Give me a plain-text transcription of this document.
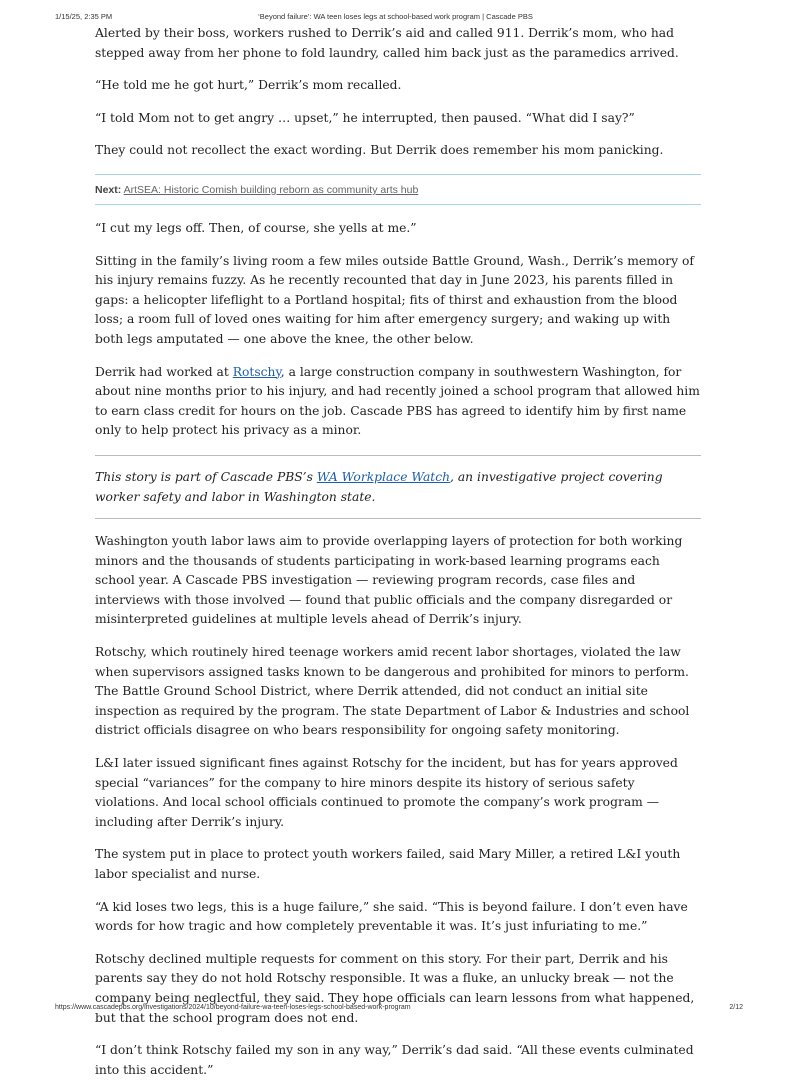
1/15/25, 2:35 PM	‘Beyond failure’: WA teen loses legs at school-based work program | Cascade PBS

Alerted by their boss, workers rushed to Derrik’s aid and called 911. Derrik’s mom, who had stepped away from her phone to fold laundry, called him back just as the paramedics arrived.

“He told me he got hurt,” Derrik’s mom recalled.

“I told Mom not to get angry … upset,” he interrupted, then paused. “What did I say?”

They could not recollect the exact wording. But Derrik does remember his mom panicking.

Next: ArtSEA: Historic Comish building reborn as community arts hub

“I cut my legs off. Then, of course, she yells at me.”

Sitting in the family’s living room a few miles outside Battle Ground, Wash., Derrik’s memory of his injury remains fuzzy. As he recently recounted that day in June 2023, his parents filled in gaps: a helicopter lifeflight to a Portland hospital; fits of thirst and exhaustion from the blood loss; a room full of loved ones waiting for him after emergency surgery; and waking up with both legs amputated — one above the knee, the other below.

Derrik had worked at Rotschy, a large construction company in southwestern Washington, for about nine months prior to his injury, and had recently joined a school program that allowed him to earn class credit for hours on the job. Cascade PBS has agreed to identify him by first name only to help protect his privacy as a minor.

This story is part of Cascade PBS’s WA Workplace Watch, an investigative project covering worker safety and labor in Washington state.

Washington youth labor laws aim to provide overlapping layers of protection for both working minors and the thousands of students participating in work-based learning programs each school year. A Cascade PBS investigation — reviewing program records, case files and interviews with those involved — found that public officials and the company disregarded or misinterpreted guidelines at multiple levels ahead of Derrik’s injury.

Rotschy, which routinely hired teenage workers amid recent labor shortages, violated the law when supervisors assigned tasks known to be dangerous and prohibited for minors to perform. The Battle Ground School District, where Derrik attended, did not conduct an initial site inspection as required by the program. The state Department of Labor & Industries and school district officials disagree on who bears responsibility for ongoing safety monitoring.

L&I later issued significant fines against Rotschy for the incident, but has for years approved special “variances” for the company to hire minors despite its history of serious safety violations. And local school officials continued to promote the company’s work program — including after Derrik’s injury.

The system put in place to protect youth workers failed, said Mary Miller, a retired L&I youth labor specialist and nurse.

“A kid loses two legs, this is a huge failure,” she said. “This is beyond failure. I don’t even have words for how tragic and how completely preventable it was. It’s just infuriating to me.”

Rotschy declined multiple requests for comment on this story. For their part, Derrik and his parents say they do not hold Rotschy responsible. It was a fluke, an unlucky break — not the company being neglectful, they said. They hope officials can learn lessons from what happened, but that the school program does not end.

“I don’t think Rotschy failed my son in any way,” Derrik’s dad said. “All these events culminated into this accident.”

https://www.cascadepbs.org/investigations/2024/10/beyond-failure-wa-teen-loses-legs-school-based-work-program	2/12
